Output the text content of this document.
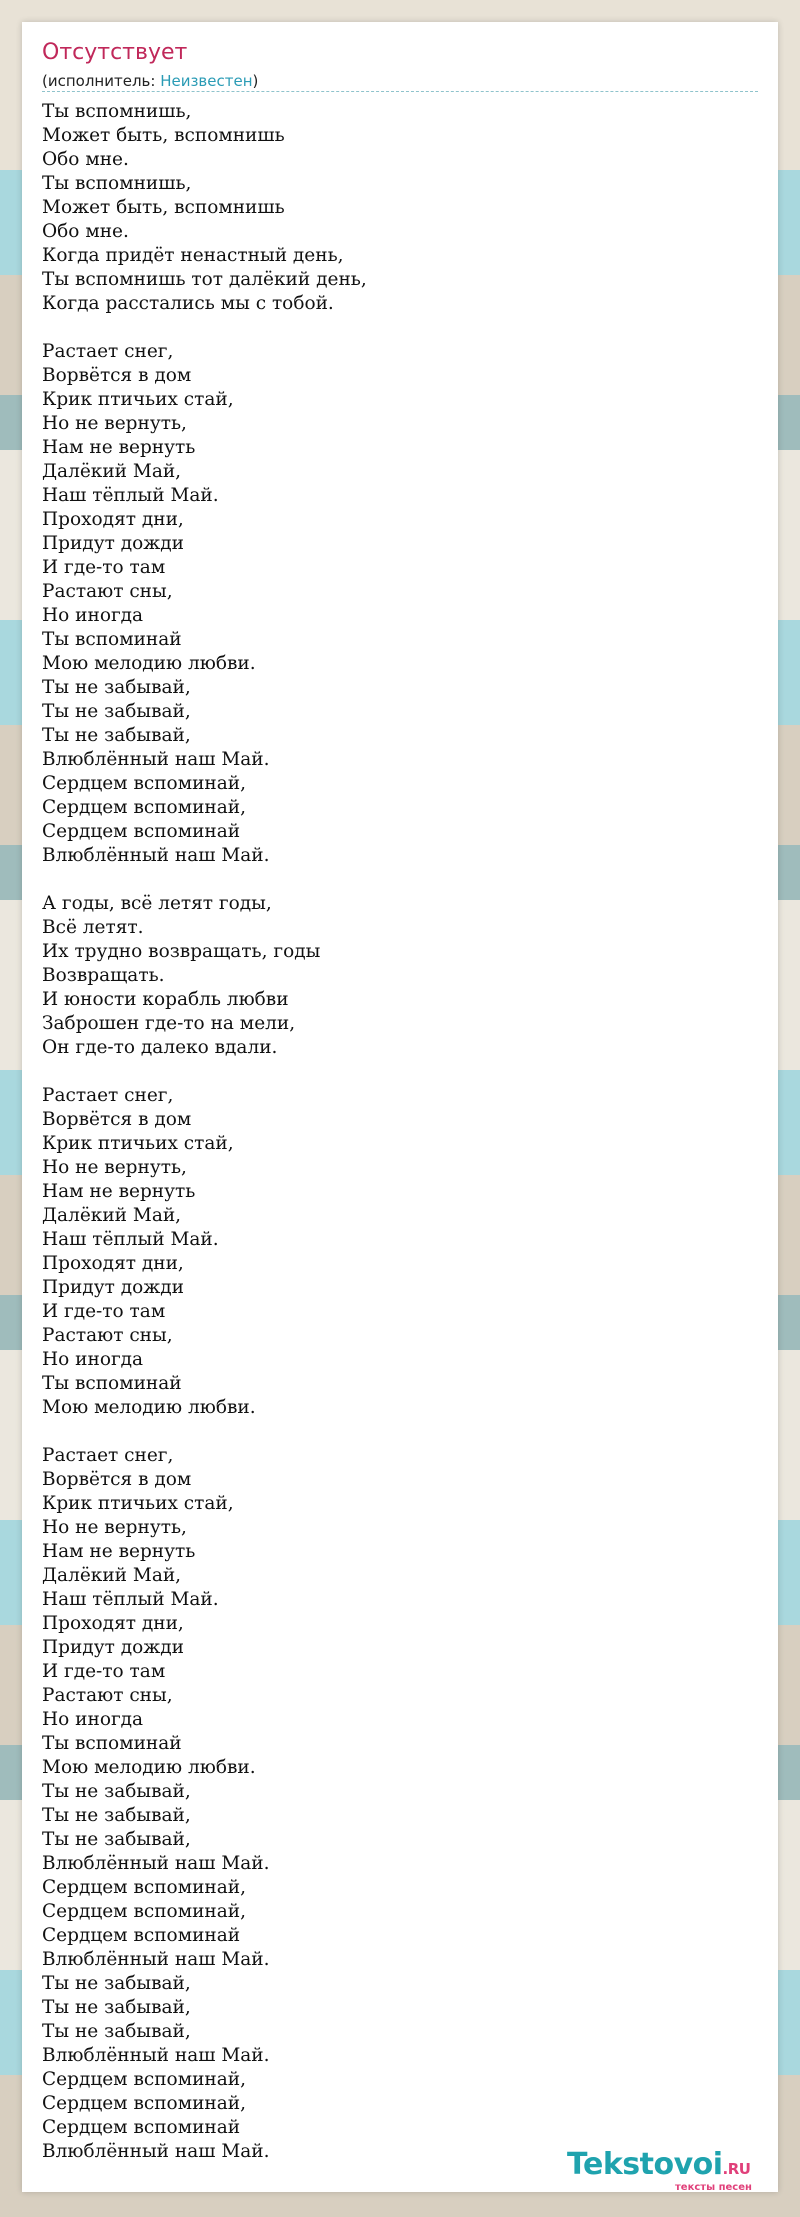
Отсутствует
(исполнитель: Неизвестен)
Ты вспомнишь,
Может быть, вспомнишь
Обо мне.
Ты вспомнишь,
Может быть, вспомнишь
Обо мне.
Когда придёт ненастный день,
Ты вспомнишь тот далёкий день,
Когда расстались мы с тобой.
Растает снег,
Ворвётся в дом
Крик птичьих стай,
Но не вернуть,
Нам не вернуть
Далёкий Май,
Наш тёплый Май.
Проходят дни,
Придут дожди
И где-то там
Растают сны,
Но иногда
Ты вспоминай
Мою мелодию любви.
Ты не забывай,
Ты не забывай,
Ты не забывай,
Влюблённый наш Май.
Сердцем вспоминай,
Сердцем вспоминай,
Сердцем вспоминай
Влюблённый наш Май.
А годы, всё летят годы,
Всё летят.
Их трудно возвращать, годы
Возвращать.
И юности корабль любви
Заброшен где-то на мели,
Он где-то далеко вдали.
Растает снег,
Ворвётся в дом
Крик птичьих стай,
Но не вернуть,
Нам не вернуть
Далёкий Май,
Наш тёплый Май.
Проходят дни,
Придут дожди
И где-то там
Растают сны,
Но иногда
Ты вспоминай
Мою мелодию любви.
Растает снег,
Ворвётся в дом
Крик птичьих стай,
Но не вернуть,
Нам не вернуть
Далёкий Май,
Наш тёплый Май.
Проходят дни,
Придут дожди
И где-то там
Растают сны,
Но иногда
Ты вспоминай
Мою мелодию любви.
Ты не забывай,
Ты не забывай,
Ты не забывай,
Влюблённый наш Май.
Сердцем вспоминай,
Сердцем вспоминай,
Сердцем вспоминай
Влюблённый наш Май.
Ты не забывай,
Ты не забывай,
Ты не забывай,
Влюблённый наш Май.
Сердцем вспоминай,
Сердцем вспоминай,
Сердцем вспоминай
Влюблённый наш Май.	Tekstovoi.RU
тексты песен
